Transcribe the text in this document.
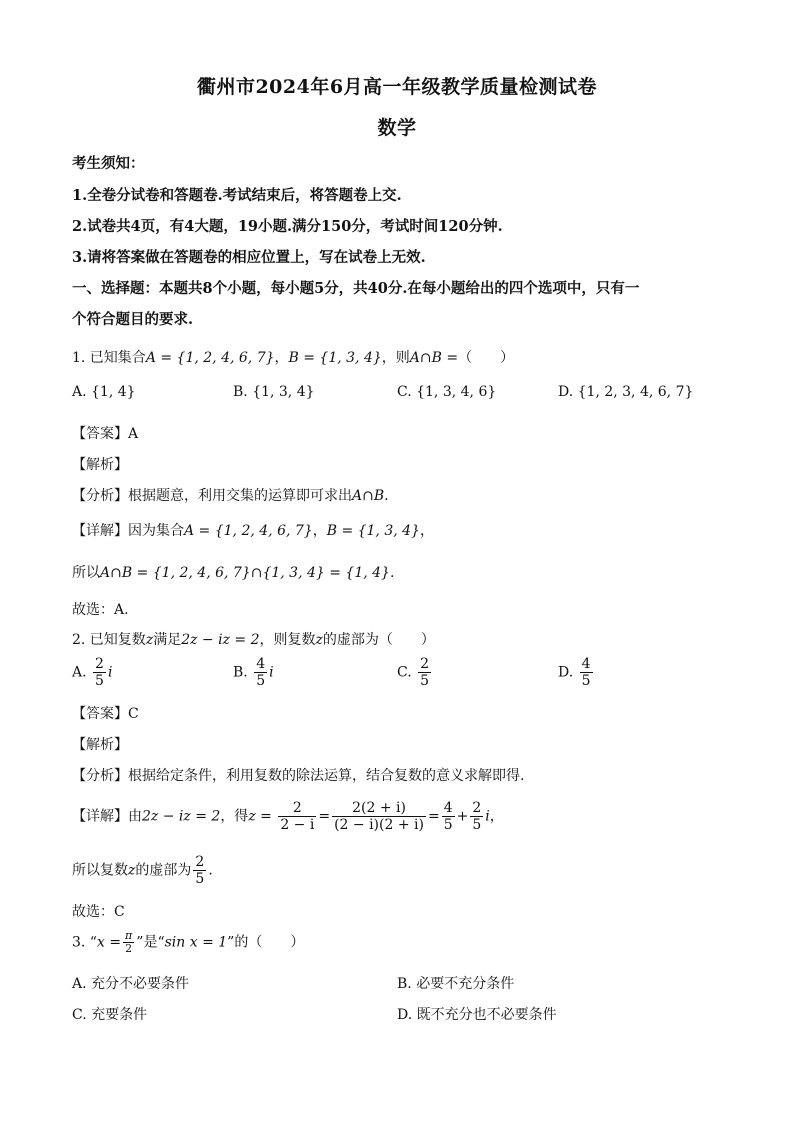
衢州市2024年6月高一年级教学质量检测试卷
数学
考生须知：
1.全卷分试卷和答题卷.考试结束后，将答题卷上交.
2.试卷共4页，有4大题，19小题.满分150分，考试时间120分钟.
3.请将答案做在答题卷的相应位置上，写在试卷上无效.
一、选择题：本题共8个小题，每小题5分，共40分.在每小题给出的四个选项中，只有一
个符合题目的要求.
1. 已知集合A = {1, 2, 4, 6, 7}，B = {1, 3, 4}，则A∩B =（　　）
A. {1, 4}	B. {1, 3, 4}	C. {1, 3, 4, 6}	D. {1, 2, 3, 4, 6, 7}
【答案】A
【解析】
【分析】根据题意，利用交集的运算即可求出A∩B.
【详解】因为集合A = {1, 2, 4, 6, 7}，B = {1, 3, 4}，
所以A∩B = {1, 2, 4, 6, 7}∩{1, 3, 4} = {1, 4}.
故选：A.
2. 已知复数z满足2z − iz = 2，则复数z的虚部为（　　）
A. $\frac{2}{5}$ i	B. $\frac{4}{5}$ i	C. $\frac{2}{5}$	D. $\frac{4}{5}$
【答案】C
【解析】
【分析】根据给定条件，利用复数的除法运算，结合复数的意义求解即得.
【详解】由2z − iz = 2，得$z = \frac{2}{2 - i} = \frac{2(2 + i)}{(2 - i)(2 + i)} = \frac{4}{5} + \frac{2}{5}$ i，
所以复数z的虚部为 $\frac{2}{5}$ .
故选：C
3. “$x = \frac{\pi}{2}$ ”是“sin x = 1”的（　　）
A. 充分不必要条件	B. 必要不充分条件
C. 充要条件	D. 既不充分也不必要条件
